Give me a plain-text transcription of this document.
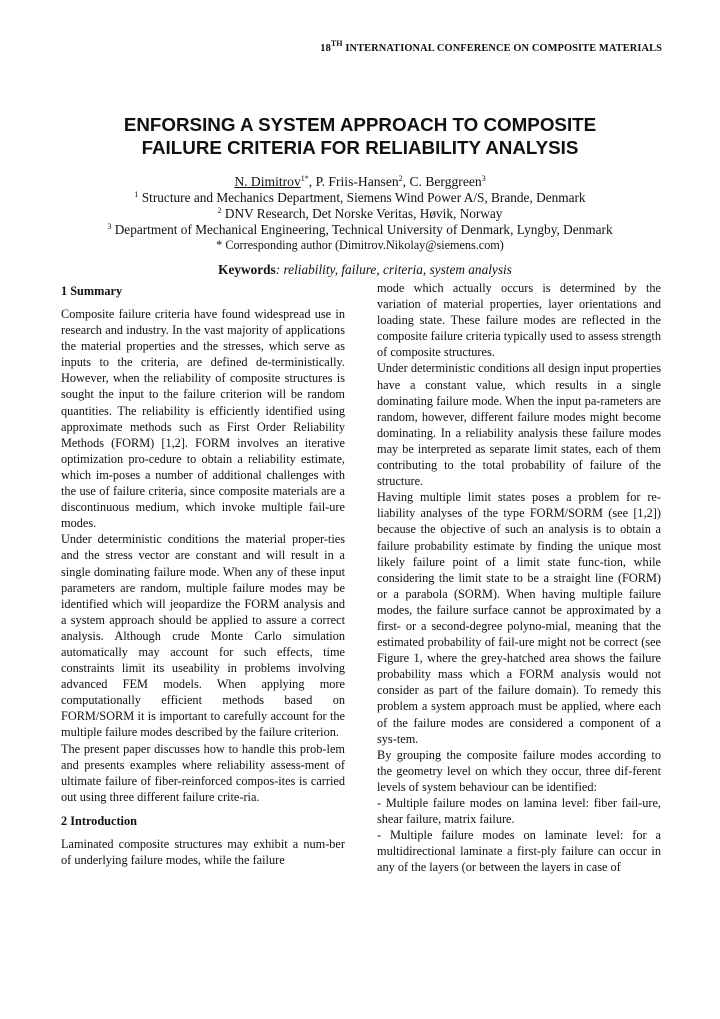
18TH INTERNATIONAL CONFERENCE ON COMPOSITE MATERIALS
ENFORSING A SYSTEM APPROACH TO COMPOSITE
FAILURE CRITERIA FOR RELIABILITY ANALYSIS
N. Dimitrov$^{1*}$, P. Friis-Hansen$^2$, C. Berggreen$^3$
$^1$ Structure and Mechanics Department, Siemens Wind Power A/S, Brande, Denmark
$^2$ DNV Research, Det Norske Veritas, Høvik, Norway
$^3$ Department of Mechanical Engineering, Technical University of Denmark, Lyngby, Denmark
* Corresponding author (Dimitrov.Nikolay@siemens.com)
Keywords: reliability, failure, criteria, system analysis
1 Summary

Composite failure criteria have found widespread use in research and industry. In the vast majority of applications the material properties and the stresses, which serve as inputs to the criteria, are defined de-terministically. However, when the reliability of composite structures is sought the input to the failure criterion will be random quantities. The reliability is efficiently identified using approximate methods such as First Order Reliability Methods (FORM) [1,2]. FORM involves an iterative optimization pro-cedure to obtain a reliability estimate, which im-poses a number of additional challenges with the use of failure criteria, since composite materials are a discontinuous medium, which invoke multiple fail-ure modes.

Under deterministic conditions the material proper-ties and the stress vector are constant and will result in a single dominating failure mode. When any of these input parameters are random, multiple failure modes may be identified which will jeopardize the FORM analysis and a system approach should be applied to assure a correct analysis. Although crude Monte Carlo simulation automatically may account for such effects, time constraints limit its useability in problems involving advanced FEM models. When applying more computationally efficient methods based on FORM/SORM it is important to carefully account for the multiple failure modes described by the failure criterion.

The present paper discusses how to handle this prob-lem and presents examples where reliability assess-ment of ultimate failure of fiber-reinforced compos-ites is carried out using three different failure crite-ria.

2 Introduction

Laminated composite structures may exhibit a num-ber of underlying failure modes, while the failure

mode which actually occurs is determined by the variation of material properties, layer orientations and loading state. These failure modes are reflected in the composite failure criteria typically used to assess strength of composite structures.

Under deterministic conditions all design input properties have a constant value, which results in a single dominating failure mode. When the input pa-rameters are random, however, different failure modes might become dominating. In a reliability analysis these failure modes may be interpreted as separate limit states, each of them contributing to the total probability of failure of the structure.

Having multiple limit states poses a problem for re-liability analyses of the type FORM/SORM (see [1,2]) because the objective of such an analysis is to obtain a failure probability estimate by finding the unique most likely failure point of a limit state func-tion, while considering the limit state to be a straight line (FORM) or a parabola (SORM). When having multiple failure modes, the failure surface cannot be approximated by a first- or a second-degree polyno-mial, meaning that the estimated probability of fail-ure might not be correct (see Figure 1, where the grey-hatched area shows the failure probability mass which a FORM analysis would not consider as part of the failure domain). To remedy this problem a system approach must be applied, where each of the failure modes are considered a component of a sys-tem.

By grouping the composite failure modes according to the geometry level on which they occur, three dif-ferent levels of system behaviour can be identified:

- Multiple failure modes on lamina level: fiber fail-ure, shear failure, matrix failure.

- Multiple failure modes on laminate level: for a multidirectional laminate a first-ply failure can occur in any of the layers (or between the layers in case of
